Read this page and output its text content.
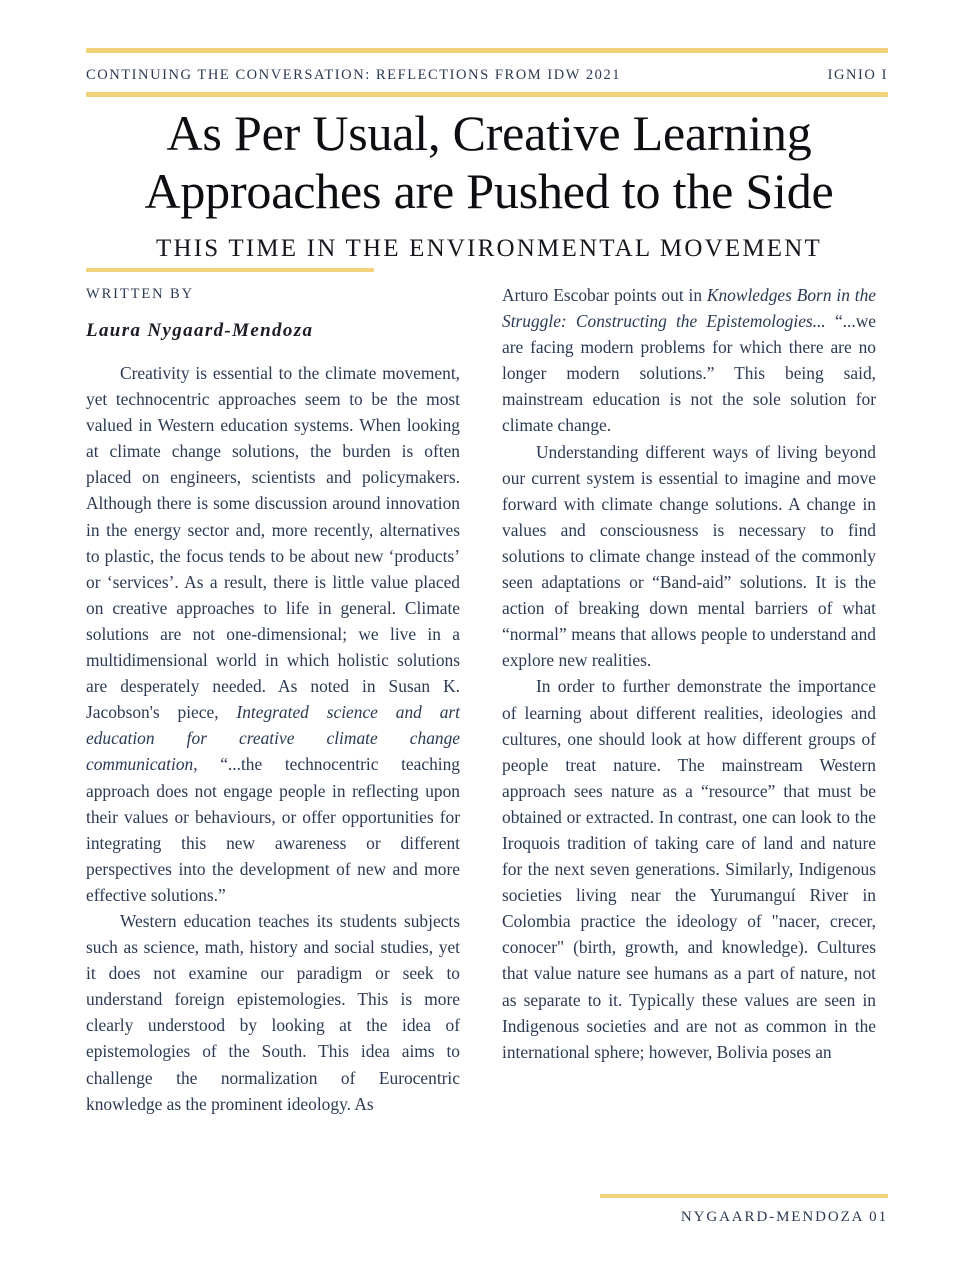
CONTINUING THE CONVERSATION: REFLECTIONS FROM IDW 2021	IGNIO I
As Per Usual, Creative Learning
Approaches are Pushed to the Side
THIS TIME IN THE ENVIRONMENTAL MOVEMENT
WRITTEN BY
Laura Nygaard-Mendoza

Creativity is essential to the climate movement, yet technocentric approaches seem to be the most valued in Western education systems. When looking at climate change solutions, the burden is often placed on engineers, scientists and policymakers. Although there is some discussion around innovation in the energy sector and, more recently, alternatives to plastic, the focus tends to be about new ‘products’ or ‘services’. As a result, there is little value placed on creative approaches to life in general. Climate solutions are not one-dimensional; we live in a multidimensional world in which holistic solutions are desperately needed. As noted in Susan K. Jacobson's piece, Integrated science and art education for creative climate change communication, “...the technocentric teaching approach does not engage people in reflecting upon their values or behaviours, or offer opportunities for integrating this new awareness or different perspectives into the development of new and more effective solutions.”

Western education teaches its students subjects such as science, math, history and social studies, yet it does not examine our paradigm or seek to understand foreign epistemologies. This is more clearly understood by looking at the idea of epistemologies of the South. This idea aims to challenge the normalization of Eurocentric knowledge as the prominent ideology. As

Arturo Escobar points out in Knowledges Born in the Struggle: Constructing the Epistemologies... “...we are facing modern problems for which there are no longer modern solutions.” This being said, mainstream education is not the sole solution for climate change.

Understanding different ways of living beyond our current system is essential to imagine and move forward with climate change solutions. A change in values and consciousness is necessary to find solutions to climate change instead of the commonly seen adaptations or “Band-aid” solutions. It is the action of breaking down mental barriers of what “normal” means that allows people to understand and explore new realities.

In order to further demonstrate the importance of learning about different realities, ideologies and cultures, one should look at how different groups of people treat nature. The mainstream Western approach sees nature as a “resource” that must be obtained or extracted. In contrast, one can look to the Iroquois tradition of taking care of land and nature for the next seven generations. Similarly, Indigenous societies living near the Yurumanguí River in Colombia practice the ideology of "nacer, crecer, conocer" (birth, growth, and knowledge). Cultures that value nature see humans as a part of nature, not as separate to it. Typically these values are seen in Indigenous societies and are not as common in the international sphere; however, Bolivia poses an

NYGAARD-MENDOZA 01
